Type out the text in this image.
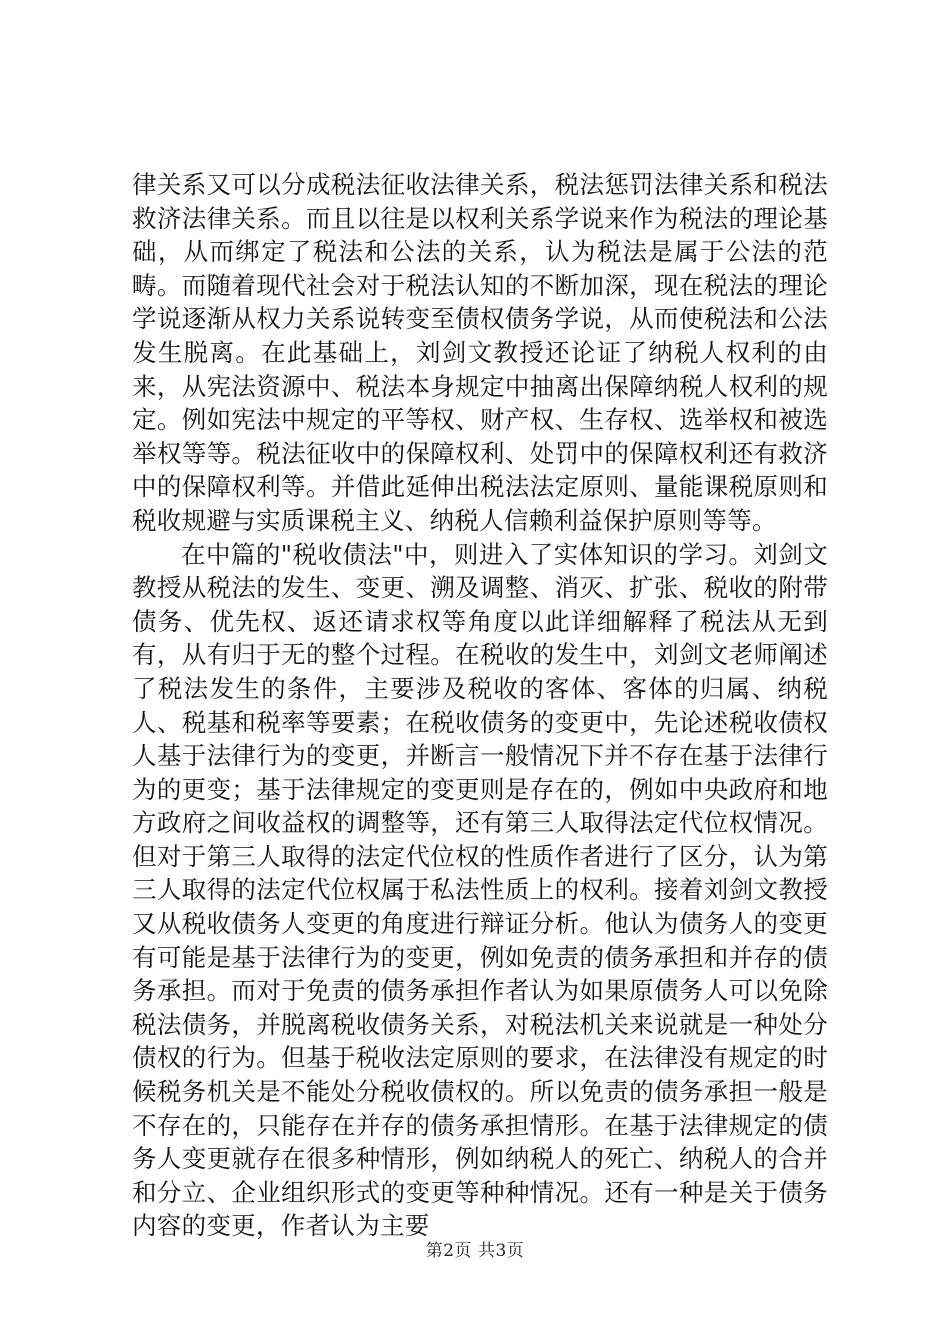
律关系又可以分成税法征收法律关系，税法惩罚法律关系和税法救济法律关系。而且以往是以权利关系学说来作为税法的理论基础，从而绑定了税法和公法的关系，认为税法是属于公法的范畴。而随着现代社会对于税法认知的不断加深，现在税法的理论学说逐渐从权力关系说转变至债权债务学说，从而使税法和公法发生脱离。在此基础上，刘剑文教授还论证了纳税人权利的由来，从宪法资源中、税法本身规定中抽离出保障纳税人权利的规定。例如宪法中规定的平等权、财产权、生存权、选举权和被选举权等等。税法征收中的保障权利、处罚中的保障权利还有救济中的保障权利等。并借此延伸出税法法定原则、量能课税原则和税收规避与实质课税主义、纳税人信赖利益保护原则等等。

在中篇的"税收债法"中，则进入了实体知识的学习。刘剑文教授从税法的发生、变更、溯及调整、消灭、扩张、税收的附带债务、优先权、返还请求权等角度以此详细解释了税法从无到有，从有归于无的整个过程。在税收的发生中，刘剑文老师阐述了税法发生的条件，主要涉及税收的客体、客体的归属、纳税人、税基和税率等要素；在税收债务的变更中，先论述税收债权人基于法律行为的变更，并断言一般情况下并不存在基于法律行为的更变；基于法律规定的变更则是存在的，例如中央政府和地方政府之间收益权的调整等，还有第三人取得法定代位权情况。但对于第三人取得的法定代位权的性质作者进行了区分，认为第三人取得的法定代位权属于私法性质上的权利。接着刘剑文教授又从税收债务人变更的角度进行辩证分析。他认为债务人的变更有可能是基于法律行为的变更，例如免责的债务承担和并存的债务承担。而对于免责的债务承担作者认为如果原债务人可以免除税法债务，并脱离税收债务关系，对税法机关来说就是一种处分债权的行为。但基于税收法定原则的要求，在法律没有规定的时候税务机关是不能处分税收债权的。所以免责的债务承担一般是不存在的，只能存在并存的债务承担情形。在基于法律规定的债务人变更就存在很多种情形，例如纳税人的死亡、纳税人的合并和分立、企业组织形式的变更等种种情况。还有一种是关于债务内容的变更，作者认为主要

第2页 共3页
